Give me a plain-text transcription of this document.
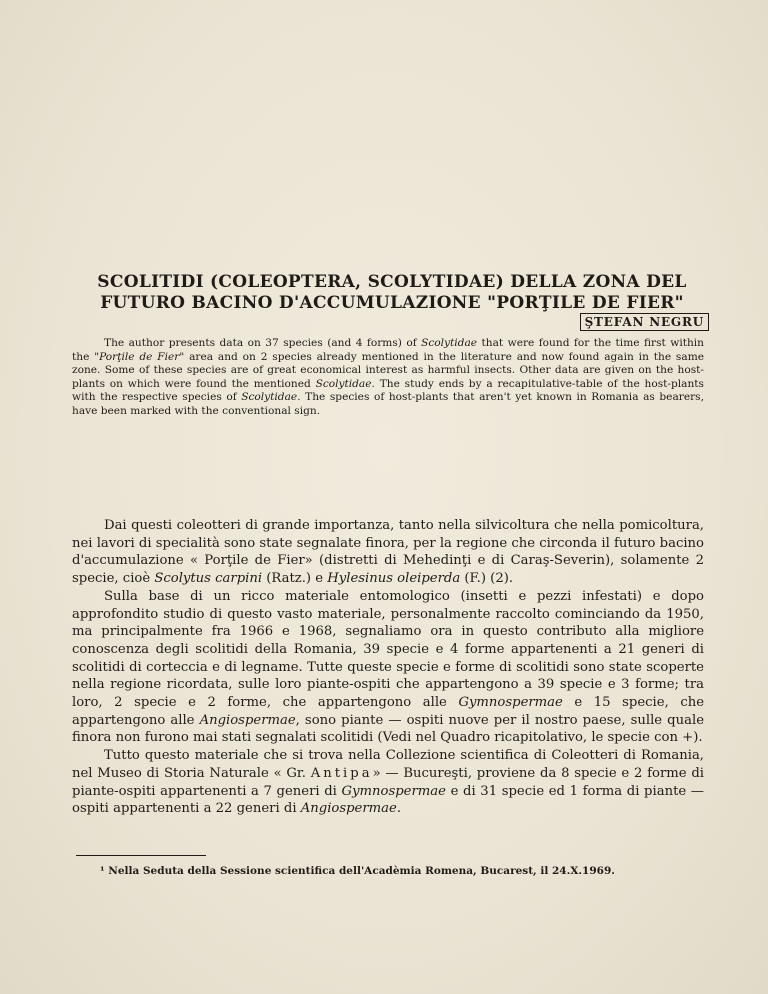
SCOLITIDI (COLEOPTERA, SCOLYTIDAE) DELLA ZONA DEL FUTURO BACINO D'ACCUMULAZIONE "PORŢILE DE FIER"
ŞTEFAN NEGRU

The author presents data on 37 species (and 4 forms) of Scolytidae that were found for the time first within the "Porţile de Fier" area and on 2 species already mentioned in the literature and now found again in the same zone. Some of these species are of great economical interest as harmful insects. Other data are given on the host-plants on which were found the mentioned Scolytidae. The study ends by a recapitulative-table of the host-plants with the respective species of Scolytidae. The species of host-plants that aren't yet known in Romania as bearers, have been marked with the conventional sign.

Dai questi coleotteri di grande importanza, tanto nella silvicoltura che nella pomicoltura, nei lavori di specialità sono state segnalate finora, per la regione che circonda il futuro bacino d'accumulazione « Porţile de Fier» (distretti di Mehedinţi e di Caraş-Severin), solamente 2 specie, cioè Scolytus carpini (Ratz.) e Hylesinus oleiperda (F.) (2).

Sulla base di un ricco materiale entomologico (insetti e pezzi infestati) e dopo approfondito studio di questo vasto materiale, personalmente raccolto cominciando da 1950, ma principalmente fra 1966 e 1968, segnaliamo ora in questo contributo alla migliore conoscenza degli scolitidi della Romania, 39 specie e 4 forme appartenenti a 21 generi di scolitidi di corteccia e di legname. Tutte queste specie e forme di scolitidi sono state scoperte nella regione ricordata, sulle loro piante-ospiti che appartengono a 39 specie e 3 forme; tra loro, 2 specie e 2 forme, che appartengono alle Gymnospermae e 15 specie, che appartengono alle Angiospermae, sono piante — ospiti nuove per il nostro paese, sulle quale finora non furono mai stati segnalati scolitidi (Vedi nel Quadro ricapitolativo, le specie con +).

Tutto questo materiale che si trova nella Collezione scientifica di Coleotteri di Romania, nel Museo di Storia Naturale « Gr. Antipa» — Bucureşti, proviene da 8 specie e 2 forme di piante-ospiti appartenenti a 7 generi di Gymnospermae e di 31 specie ed 1 forma di piante — ospiti appartenenti a 22 generi di Angiospermae.

¹ Nella Seduta della Sessione scientifica dell'Acadèmia Romena, Bucarest, il 24.X.1969.
